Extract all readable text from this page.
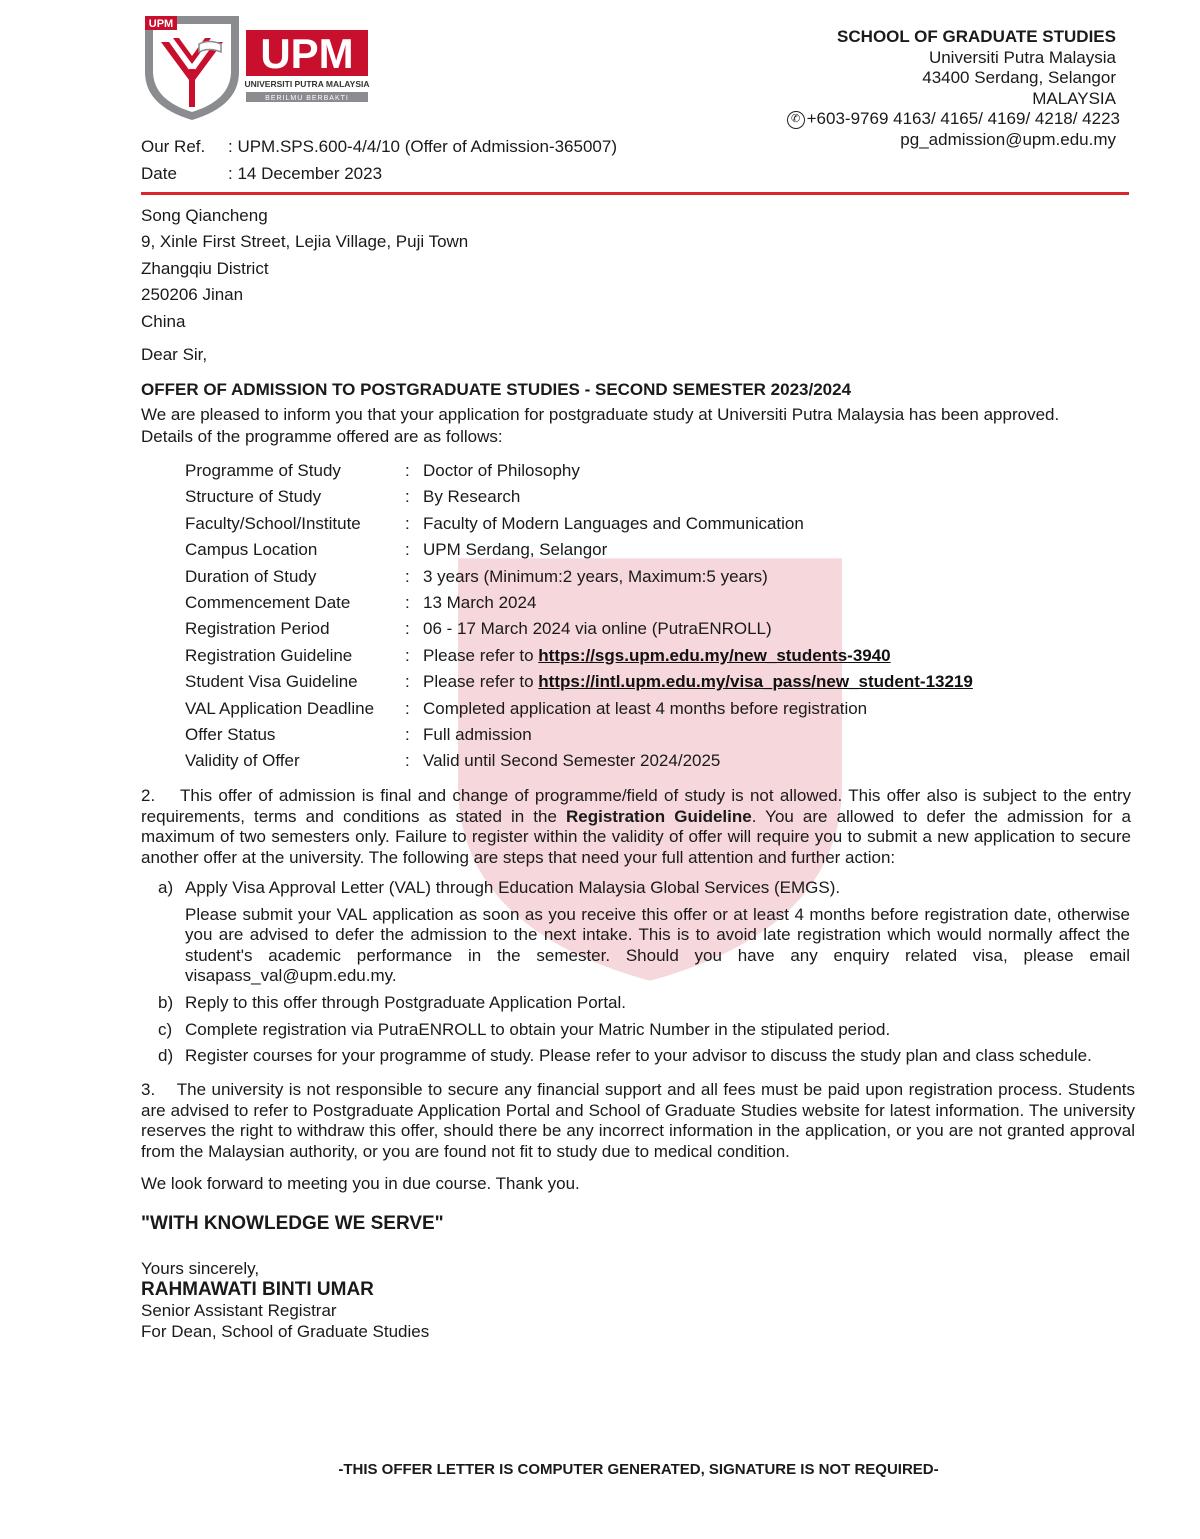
UPM
UPM
UNIVERSITI PUTRA MALAYSIA
BERILMU BERBAKTI
SCHOOL OF GRADUATE STUDIES
Universiti Putra Malaysia
43400 Serdang, Selangor
MALAYSIA
✆ +603-9769 4163/ 4165/ 4169/ 4218/ 4223
pg_admission@upm.edu.my
Our Ref. : UPM.SPS.600-4/4/10 (Offer of Admission-365007)
Date	: 14 December 2023
Song Qiancheng
9, Xinle First Street, Lejia Village, Puji Town
Zhangqiu District
250206 Jinan
China
Dear Sir,
OFFER OF ADMISSION TO POSTGRADUATE STUDIES - SECOND SEMESTER 2023/2024
We are pleased to inform you that your application for postgraduate study at Universiti Putra Malaysia has been approved.
Details of the programme offered are as follows:
Programme of Study	: Doctor of Philosophy
Structure of Study	: By Research
Faculty/School/Institute	: Faculty of Modern Languages and Communication
Campus Location	: UPM Serdang, Selangor
Duration of Study	: 3 years (Minimum:2 years, Maximum:5 years)
Commencement Date	: 13 March 2024
Registration Period	: 06 - 17 March 2024 via online (PutraENROLL)
Registration Guideline	: Please refer to https://sgs.upm.edu.my/new_students-3940
Student Visa Guideline	: Please refer to https://intl.upm.edu.my/visa_pass/new_student-13219
VAL Application Deadline : Completed application at least 4 months before registration
Offer Status	: Full admission
Validity of Offer	: Valid until Second Semester 2024/2025
2.    This offer of admission is final and change of programme/field of study is not allowed. This offer also is subject to the entry requirements, terms and conditions as stated in the Registration Guideline. You are allowed to defer the admission for a maximum of two semesters only. Failure to register within the validity of offer will require you to submit a new application to secure another offer at the university. The following are steps that need your full attention and further action:
a) Apply Visa Approval Letter (VAL) through Education Malaysia Global Services (EMGS).
Please submit your VAL application as soon as you receive this offer or at least 4 months before registration date, otherwise you are advised to defer the admission to the next intake. This is to avoid late registration which would normally affect the student's academic performance in the semester. Should you have any enquiry related visa, please email visapass_val@upm.edu.my.
b) Reply to this offer through Postgraduate Application Portal.
c) Complete registration via PutraENROLL to obtain your Matric Number in the stipulated period.
d) Register courses for your programme of study. Please refer to your advisor to discuss the study plan and class schedule.
3.    The university is not responsible to secure any financial support and all fees must be paid upon registration process. Students are advised to refer to Postgraduate Application Portal and School of Graduate Studies website for latest information. The university reserves the right to withdraw this offer, should there be any incorrect information in the application, or you are not granted approval from the Malaysian authority, or you are found not fit to study due to medical condition.
We look forward to meeting you in due course. Thank you.
"WITH KNOWLEDGE WE SERVE"
Yours sincerely,
RAHMAWATI BINTI UMAR
Senior Assistant Registrar
For Dean, School of Graduate Studies
-THIS OFFER LETTER IS COMPUTER GENERATED, SIGNATURE IS NOT REQUIRED-
